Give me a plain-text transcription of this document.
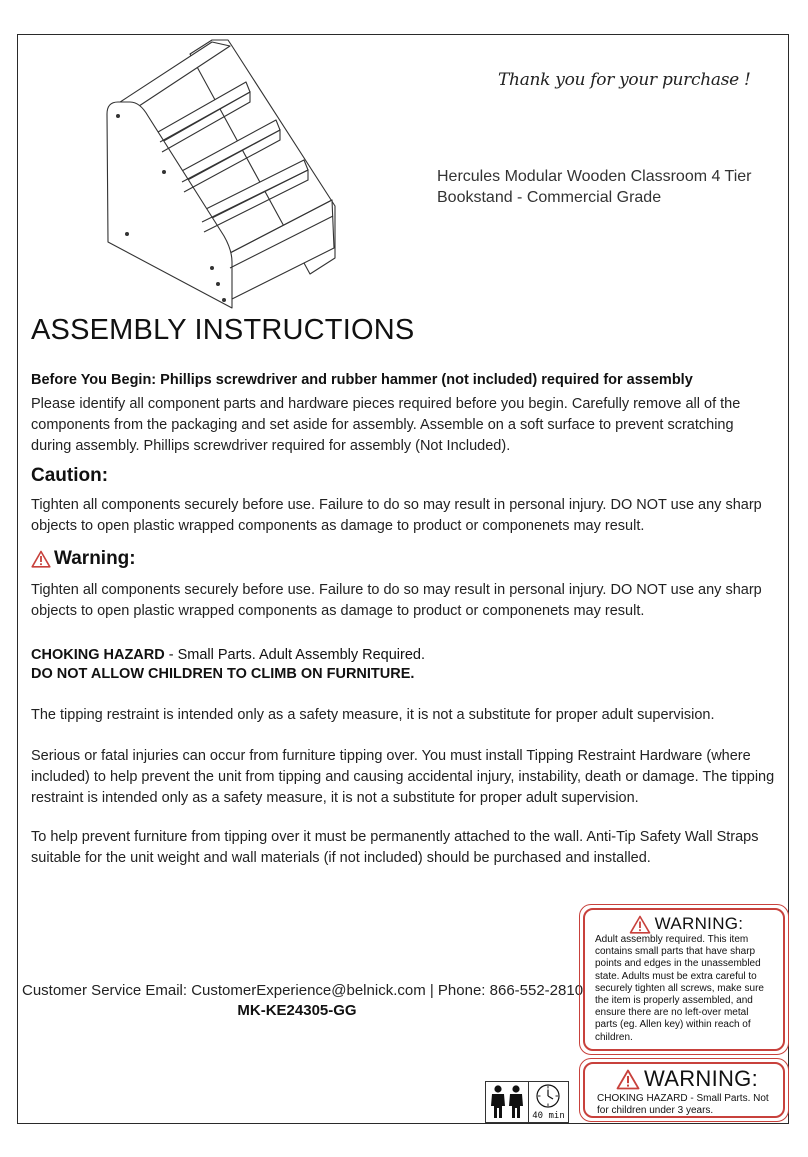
Thank you for your purchase !
Hercules Modular Wooden Classroom 4 Tier Bookstand - Commercial Grade
ASSEMBLY INSTRUCTIONS
Before You Begin: Phillips screwdriver and rubber hammer (not included) required for assembly

Please identify all component parts and hardware pieces required before you begin. Carefully remove all of the components from the packaging and set aside for assembly. Assemble on a soft surface to prevent scratching during assembly. Phillips screwdriver required for assembly (Not Included).

Caution:

Tighten all components securely before use. Failure to do so may result in personal injury. DO NOT use any sharp objects to open plastic wrapped components as damage to product or componenets may result.

Warning:

Tighten all components securely before use. Failure to do so may result in personal injury. DO NOT use any sharp objects to open plastic wrapped components as damage to product or componenets may result.

CHOKING HAZARD - Small Parts. Adult Assembly Required.
DO NOT ALLOW CHILDREN TO CLIMB ON FURNITURE.

The tipping restraint is intended only as a safety measure, it is not a substitute for proper adult supervision.

Serious or fatal injuries can occur from furniture tipping over. You must install Tipping Restraint Hardware (where included) to help prevent the unit from tipping and causing accidental injury, instability, death or damage. The tipping restraint is intended only as a safety measure, it is not a substitute for proper adult supervision.

To help prevent furniture from tipping over it must be permanently attached to the wall. Anti-Tip Safety Wall Straps suitable for the unit weight and wall materials (if not included) should be purchased and installed.

Customer Service Email: CustomerExperience@belnick.com | Phone: 866-552-2810
MK-KE24305-GG
WARNING:
Adult assembly required. This item contains small parts that have sharp points and edges in the unassembled state. Adults must be extra careful to securely tighten all screws, make sure the item is properly assembled, and ensure there are no left-over metal parts (eg. Allen key) within reach of children.
WARNING:
CHOKING HAZARD - Small Parts. Not for children under 3 years.
40 min
